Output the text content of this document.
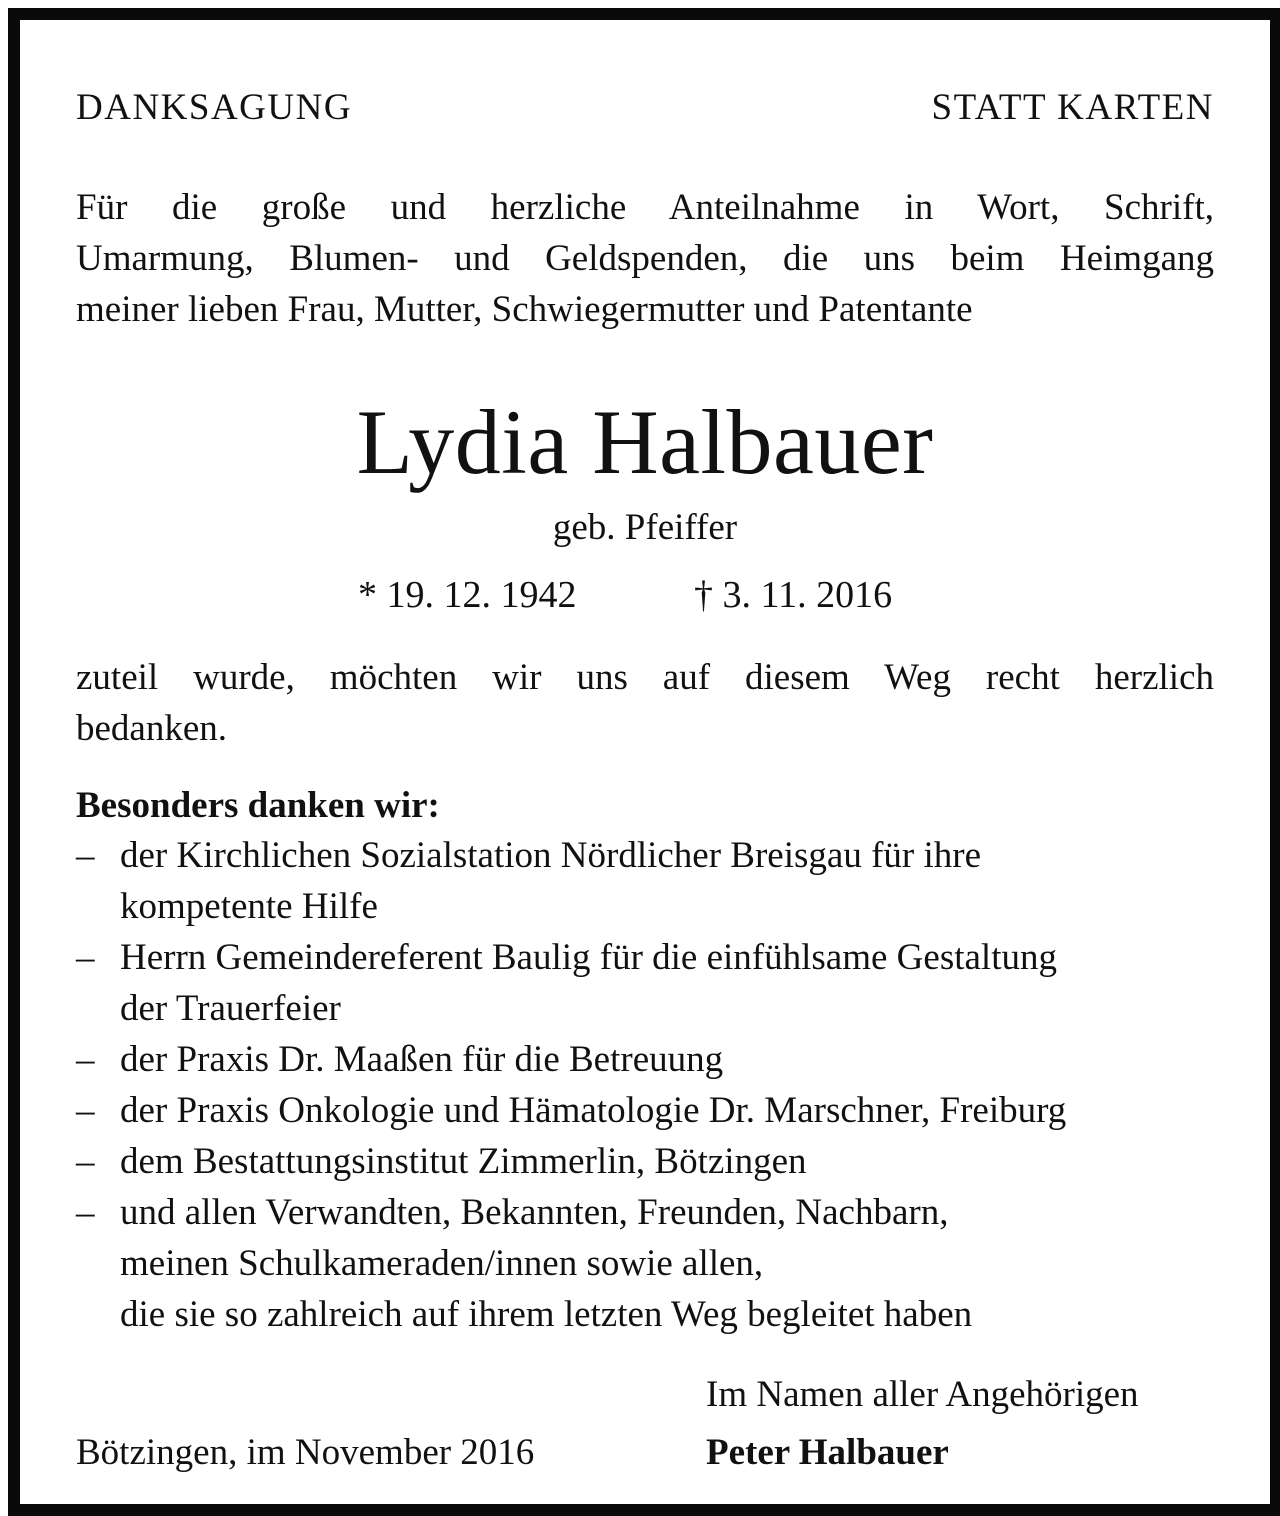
DANKSAGUNG	STATT KARTEN
Für die große und herzliche Anteilnahme in Wort, Schrift,
Umarmung, Blumen- und Geldspenden, die uns beim Heimgang
meiner lieben Frau, Mutter, Schwiegermutter und Patentante
Lydia Halbauer
geb. Pfeiffer
* 19. 12. 1942	† 3. 11. 2016
zuteil wurde, möchten wir uns auf diesem Weg recht herzlich
bedanken.
Besonders danken wir:
– der Kirchlichen Sozialstation Nördlicher Breisgau für ihre
kompetente Hilfe
– Herrn Gemeindereferent Baulig für die einfühlsame Gestaltung
der Trauerfeier
– der Praxis Dr. Maaßen für die Betreuung
– der Praxis Onkologie und Hämatologie Dr. Marschner, Freiburg
– dem Bestattungsinstitut Zimmerlin, Bötzingen
– und allen Verwandten, Bekannten, Freunden, Nachbarn,
meinen Schulkameraden/innen sowie allen,
die sie so zahlreich auf ihrem letzten Weg begleitet haben
Im Namen aller Angehörigen
Peter Halbauer
Bötzingen, im November 2016
